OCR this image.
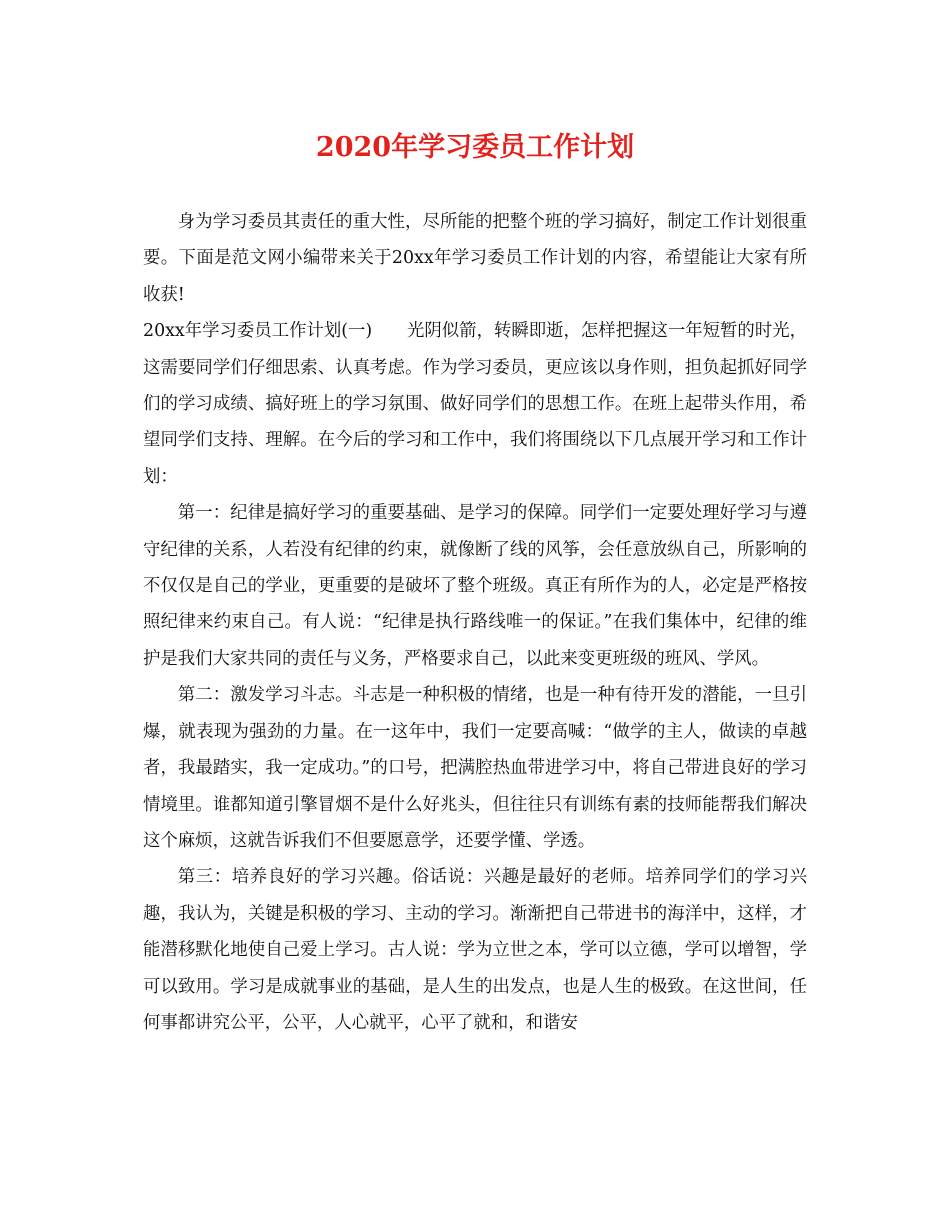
2020年学习委员工作计划

身为学习委员其责任的重大性，尽所能的把整个班的学习搞好，制定工作计划很重要。下面是范文网小编带来关于20xx年学习委员工作计划的内容，希望能让大家有所收获!

20xx年学习委员工作计划(一)　　光阴似箭，转瞬即逝，怎样把握这一年短暂的时光，这需要同学们仔细思索、认真考虑。作为学习委员，更应该以身作则，担负起抓好同学们的学习成绩、搞好班上的学习氛围、做好同学们的思想工作。在班上起带头作用，希望同学们支持、理解。在今后的学习和工作中，我们将围绕以下几点展开学习和工作计划：

第一：纪律是搞好学习的重要基础、是学习的保障。同学们一定要处理好学习与遵守纪律的关系，人若没有纪律的约束，就像断了线的风筝，会任意放纵自己，所影响的不仅仅是自己的学业，更重要的是破坏了整个班级。真正有所作为的人，必定是严格按照纪律来约束自己。有人说：“纪律是执行路线唯一的保证。”在我们集体中，纪律的维护是我们大家共同的责任与义务，严格要求自己，以此来变更班级的班风、学风。

第二：激发学习斗志。斗志是一种积极的情绪，也是一种有待开发的潜能，一旦引爆，就表现为强劲的力量。在一这年中，我们一定要高喊：“做学的主人，做读的卓越者，我最踏实，我一定成功。”的口号，把满腔热血带进学习中，将自己带进良好的学习情境里。谁都知道引擎冒烟不是什么好兆头，但往往只有训练有素的技师能帮我们解决这个麻烦，这就告诉我们不但要愿意学，还要学懂、学透。

第三：培养良好的学习兴趣。俗话说：兴趣是最好的老师。培养同学们的学习兴趣，我认为，关键是积极的学习、主动的学习。渐渐把自己带进书的海洋中，这样，才能潜移默化地使自己爱上学习。古人说：学为立世之本，学可以立德，学可以增智，学可以致用。学习是成就事业的基础，是人生的出发点，也是人生的极致。在这世间，任何事都讲究公平，公平，人心就平，心平了就和，和谐安
